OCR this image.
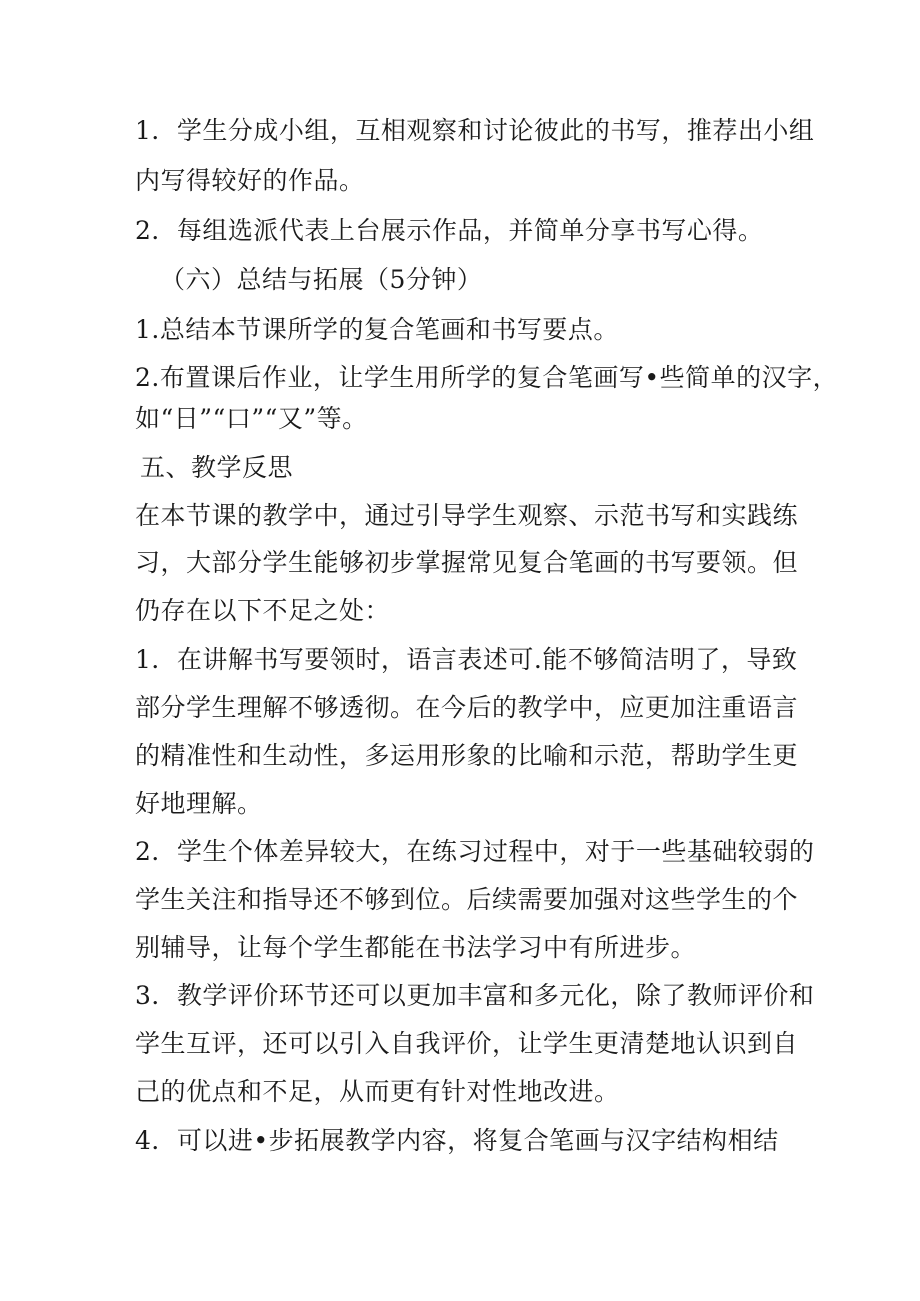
1．学生分成小组，互相观察和讨论彼此的书写，推荐出小组
内写得较好的作品。
2．每组选派代表上台展示作品，并简单分享书写心得。
（六）总结与拓展（5分钟）
1.总结本节课所学的复合笔画和书写要点。
2.布置课后作业，让学生用所学的复合笔画写•些简单的汉字，
如“日”“口”“又”等。
五、教学反思
在本节课的教学中，通过引导学生观察、示范书写和实践练
习，大部分学生能够初步掌握常见复合笔画的书写要领。但
仍存在以下不足之处：
1．在讲解书写要领时，语言表述可.能不够简洁明了，导致
部分学生理解不够透彻。在今后的教学中，应更加注重语言
的精准性和生动性，多运用形象的比喻和示范，帮助学生更
好地理解。
2．学生个体差异较大，在练习过程中，对于一些基础较弱的
学生关注和指导还不够到位。后续需要加强对这些学生的个
别辅导，让每个学生都能在书法学习中有所进步。
3．教学评价环节还可以更加丰富和多元化，除了教师评价和
学生互评，还可以引入自我评价，让学生更清楚地认识到自
己的优点和不足，从而更有针对性地改进。
4．可以进•步拓展教学内容，将复合笔画与汉字结构相结
